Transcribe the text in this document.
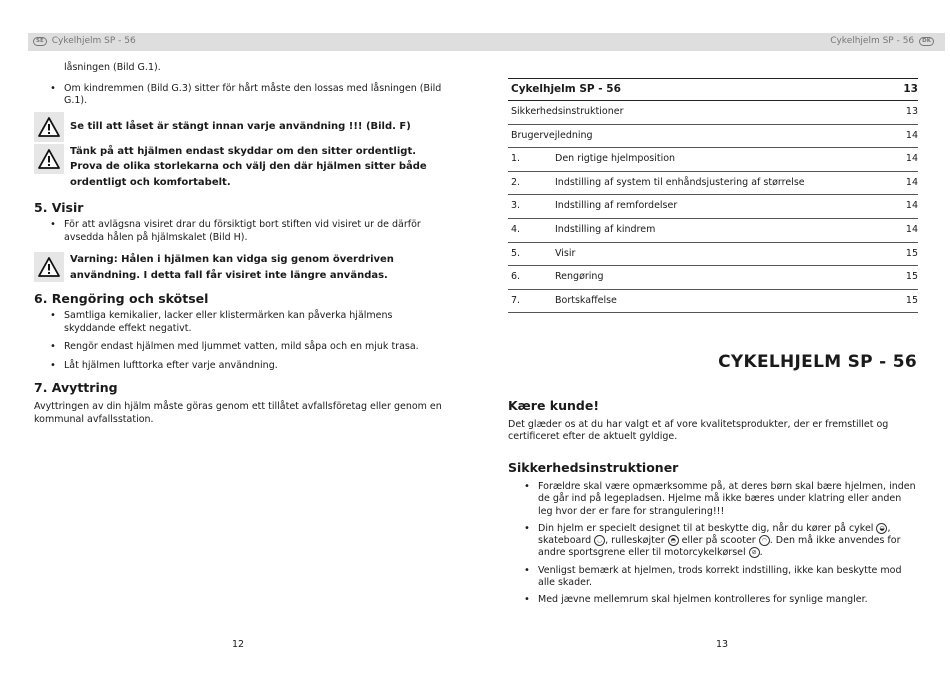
SE Cykelhjelm SP - 56	Cykelhjelm SP - 56	DK
låsningen (Bild G.1).
• Om kindremmen (Bild G.3) sitter för hårt måste den lossas med låsningen (Bild G.1).
Se till att låset är stängt innan varje användning !!! (Bild. F)
Tänk på att hjälmen endast skyddar om den sitter ordentligt. Prova de olika storlekarna och välj den där hjälmen sitter både ordentligt och komfortabelt.
5. Visir
• För att avlägsna visiret drar du försiktigt bort stiften vid visiret ur de därför avsedda hålen på hjälmskalet (Bild H).
Varning: Hålen i hjälmen kan vidga sig genom överdriven användning. I detta fall får visiret inte längre användas.
6. Rengöring och skötsel
• Samtliga kemikalier, lacker eller klistermärken kan påverka hjälmens skyddande effekt negativt.
• Rengör endast hjälmen med ljummet vatten, mild såpa och en mjuk trasa.
• Låt hjälmen lufttorka efter varje användning.
7. Avyttring
Avyttringen av din hjälm måste göras genom ett tillåtet avfallsföretag eller genom en kommunal avfallsstation.
12
Cykelhjelm SP - 56		13
Sikkerhedsinstruktioner		13
Brugervejledning		14
1.	Den rigtige hjelmposition	14
2.	Indstilling af system til enhåndsjustering af størrelse	14
3.	Indstilling af remfordelser	14
4.	Indstilling af kindrem	14
5.	Visir	15
6.	Rengøring	15
7.	Bortskaffelse	15
CYKELHJELM SP - 56
Kære kunde!
Det glæder os at du har valgt et af vore kvalitetsprodukter, der er fremstillet og certificeret efter de aktuelt gyldige.
Sikkerhedsinstruktioner
• Forældre skal være opmærksomme på, at deres børn skal bære hjelmen, inden de går ind på legepladsen. Hjelme må ikke bæres under klatring eller anden leg hvor der er fare for strangulering!!!
• Din hjelm er specielt designet til at beskytte dig, når du kører på cykel ◒ , skateboard ◡ , rulleskøjter ◓ eller på scooter ◠ . Den må ikke anvendes for andre sportsgrene eller til motorcykelkørsel ⊘ .
• Venligst bemærk at hjelmen, trods korrekt indstilling, ikke kan beskytte mod alle skader.
• Med jævne mellemrum skal hjelmen kontrolleres for synlige mangler.
13
